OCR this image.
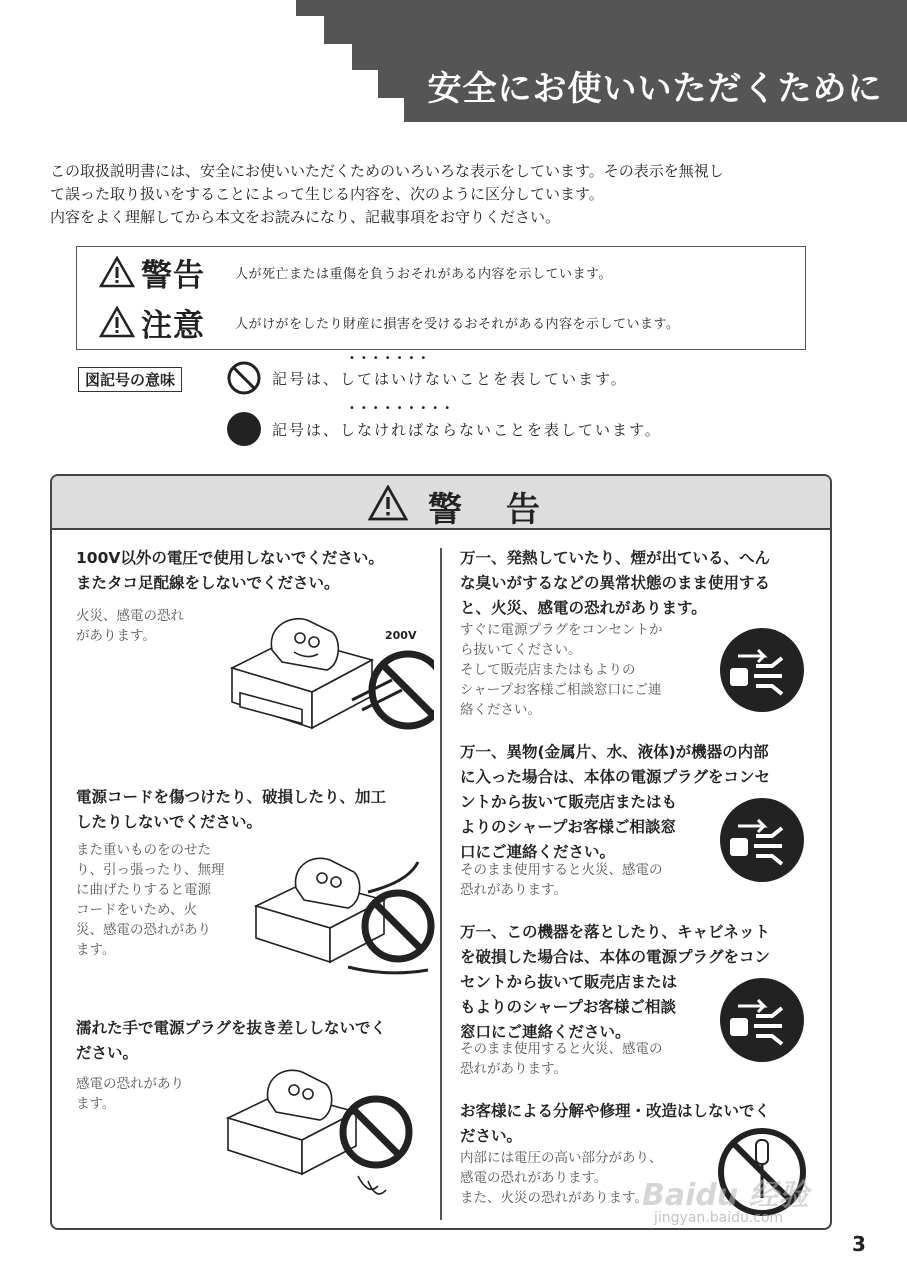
安全にお使いいただくために
この取扱説明書には、安全にお使いいただくためのいろいろな表示をしています。その表示を無視し
て誤った取り扱いをすることによって生じる内容を、次のように区分しています。
内容をよく理解してから本文をお読みになり、記載事項をお守りください。
警告	人が死亡または重傷を負うおそれがある内容を示しています。
注意	人がけがをしたり財産に損害を受けるおそれがある内容を示しています。
図記号の意味
•••••••
記号は、してはいけないことを表しています。
•••••••••
記号は、しなければならないことを表しています。
警 告
100V以外の電圧で使用しないでください。
またタコ足配線をしないでください。
火災、感電の恐れ
があります。	200V
電源コードを傷つけたり、破損したり、加工
したりしないでください。
また重いものをのせた
り、引っ張ったり、無理
に曲げたりすると電源
コードをいため、火
災、感電の恐れがあり
ます。
濡れた手で電源プラグを抜き差ししないでく
ださい。
感電の恐れがあり
ます。
万一、発熱していたり、煙が出ている、へん
な臭いがするなどの異常状態のまま使用する
と、火災、感電の恐れがあります。
すぐに電源プラグをコンセントか
ら抜いてください。
そして販売店またはもよりの
シャープお客様ご相談窓口にご連
絡ください。
万一、異物(金属片、水、液体)が機器の内部
に入った場合は、本体の電源プラグをコンセ
ントから抜いて販売店またはも
よりのシャープお客様ご相談窓
口にご連絡ください。
そのまま使用すると火災、感電の
恐れがあります。
万一、この機器を落としたり、キャビネット
を破損した場合は、本体の電源プラグをコン
セントから抜いて販売店または
もよりのシャープお客様ご相談
窓口にご連絡ください。
そのまま使用すると火災、感電の
恐れがあります。
お客様による分解や修理・改造はしないでく
ださい。
内部には電圧の高い部分があり、
感電の恐れがあります。
また、火災の恐れがあります。
3
Baidu 经验
jingyan.baidu.com
